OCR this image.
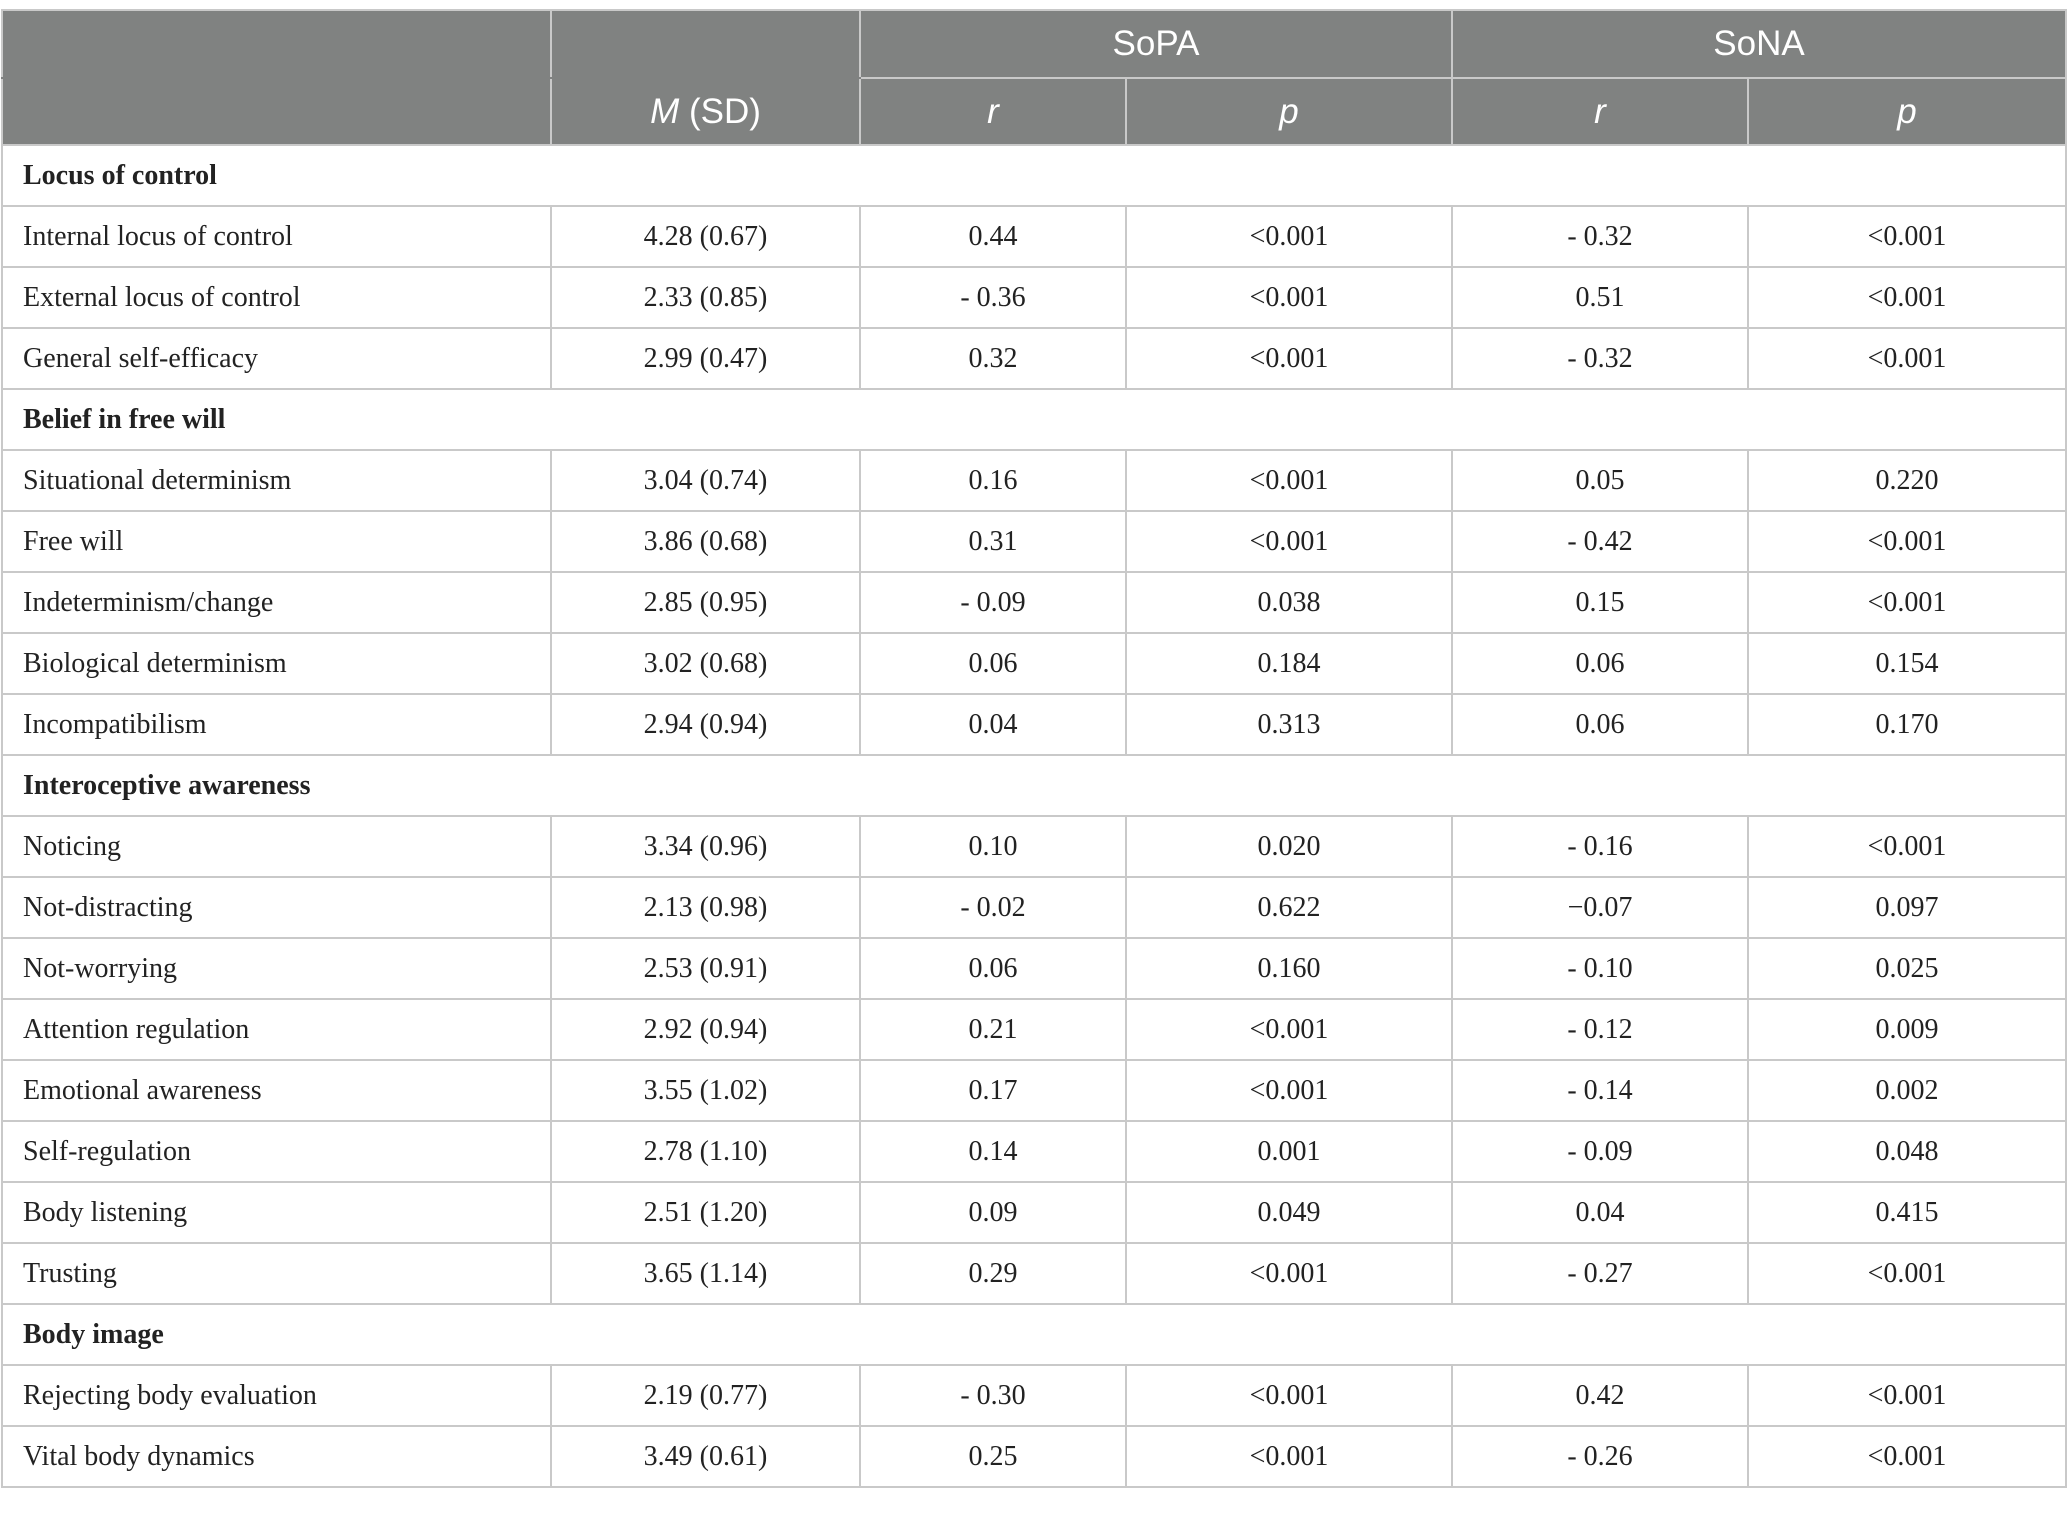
		SoPA		SoNA	
	M (SD)	r	p	r	p
Locus of control					
Internal locus of control	4.28 (0.67)	0.44	<0.001	- 0.32	<0.001
External locus of control	2.33 (0.85)	- 0.36	<0.001	0.51	<0.001
General self-efficacy	2.99 (0.47)	0.32	<0.001	- 0.32	<0.001
Belief in free will					
Situational determinism	3.04 (0.74)	0.16	<0.001	0.05	0.220
Free will	3.86 (0.68)	0.31	<0.001	- 0.42	<0.001
Indeterminism/change	2.85 (0.95)	- 0.09	0.038	0.15	<0.001
Biological determinism	3.02 (0.68)	0.06	0.184	0.06	0.154
Incompatibilism	2.94 (0.94)	0.04	0.313	0.06	0.170
Interoceptive awareness					
Noticing	3.34 (0.96)	0.10	0.020	- 0.16	<0.001
Not-distracting	2.13 (0.98)	- 0.02	0.622	−0.07	0.097
Not-worrying	2.53 (0.91)	0.06	0.160	- 0.10	0.025
Attention regulation	2.92 (0.94)	0.21	<0.001	- 0.12	0.009
Emotional awareness	3.55 (1.02)	0.17	<0.001	- 0.14	0.002
Self-regulation	2.78 (1.10)	0.14	0.001	- 0.09	0.048
Body listening	2.51 (1.20)	0.09	0.049	0.04	0.415
Trusting	3.65 (1.14)	0.29	<0.001	- 0.27	<0.001
Body image					
Rejecting body evaluation	2.19 (0.77)	- 0.30	<0.001	0.42	<0.001
Vital body dynamics	3.49 (0.61)	0.25	<0.001	- 0.26	<0.001
